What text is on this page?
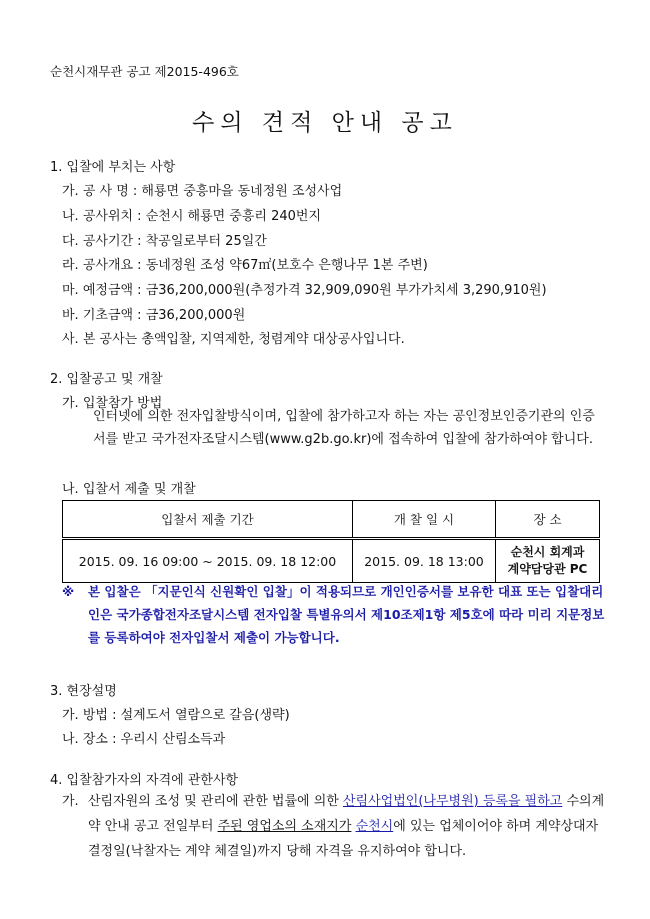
순천시재무관 공고 제2015-496호
수의 견적 안내 공고
1. 입찰에 부치는 사항
가. 공 사 명 : 해룡면 중흥마을 동네정원 조성사업
나. 공사위치 : 순천시 해룡면 중흥리 240번지
다. 공사기간 : 착공일로부터 25일간
라. 공사개요 : 동네정원 조성 약67㎡(보호수 은행나무 1본 주변)
마. 예정금액 : 금36,200,000원(추정가격 32,909,090원 부가가치세 3,290,910원)
바. 기초금액 : 금36,200,000원
사. 본 공사는 총액입찰, 지역제한, 청렴계약 대상공사입니다.
2. 입찰공고 및 개찰
가. 입찰참가 방법
인터넷에 의한 전자입찰방식이며, 입찰에 참가하고자 하는 자는 공인정보인증기관의 인증서를 받고 국가전자조달시스템(www.g2b.go.kr)에 접속하여 입찰에 참가하여야 합니다.
나. 입찰서 제출 및 개찰
입찰서 제출 기간	개 찰 일 시	장 소
2015. 09. 16 09:00 ~ 2015. 09. 18 12:00	2015. 09. 18 13:00	순천시 회계과
계약담당관 PC
※ 본 입찰은 「지문인식 신원확인 입찰」이 적용되므로 개인인증서를 보유한 대표 또는 입찰대리인은 국가종합전자조달시스템 전자입찰 특별유의서 제10조제1항 제5호에 따라 미리 지문정보를 등록하여야 전자입찰서 제출이 가능합니다.
3. 현장설명
가. 방법 : 설계도서 열람으로 갈음(생략)
나. 장소 : 우리시 산림소득과
4. 입찰참가자의 자격에 관한사항
가. 산림자원의 조성 및 관리에 관한 법률에 의한 산림사업법인(나무병원) 등록을 필하고 수의계약 안내 공고 전일부터 주된 영업소의 소재지가 순천시에 있는 업체이어야 하며 계약상대자 결정일(낙찰자는 계약 체결일)까지 당해 자격을 유지하여야 합니다.
